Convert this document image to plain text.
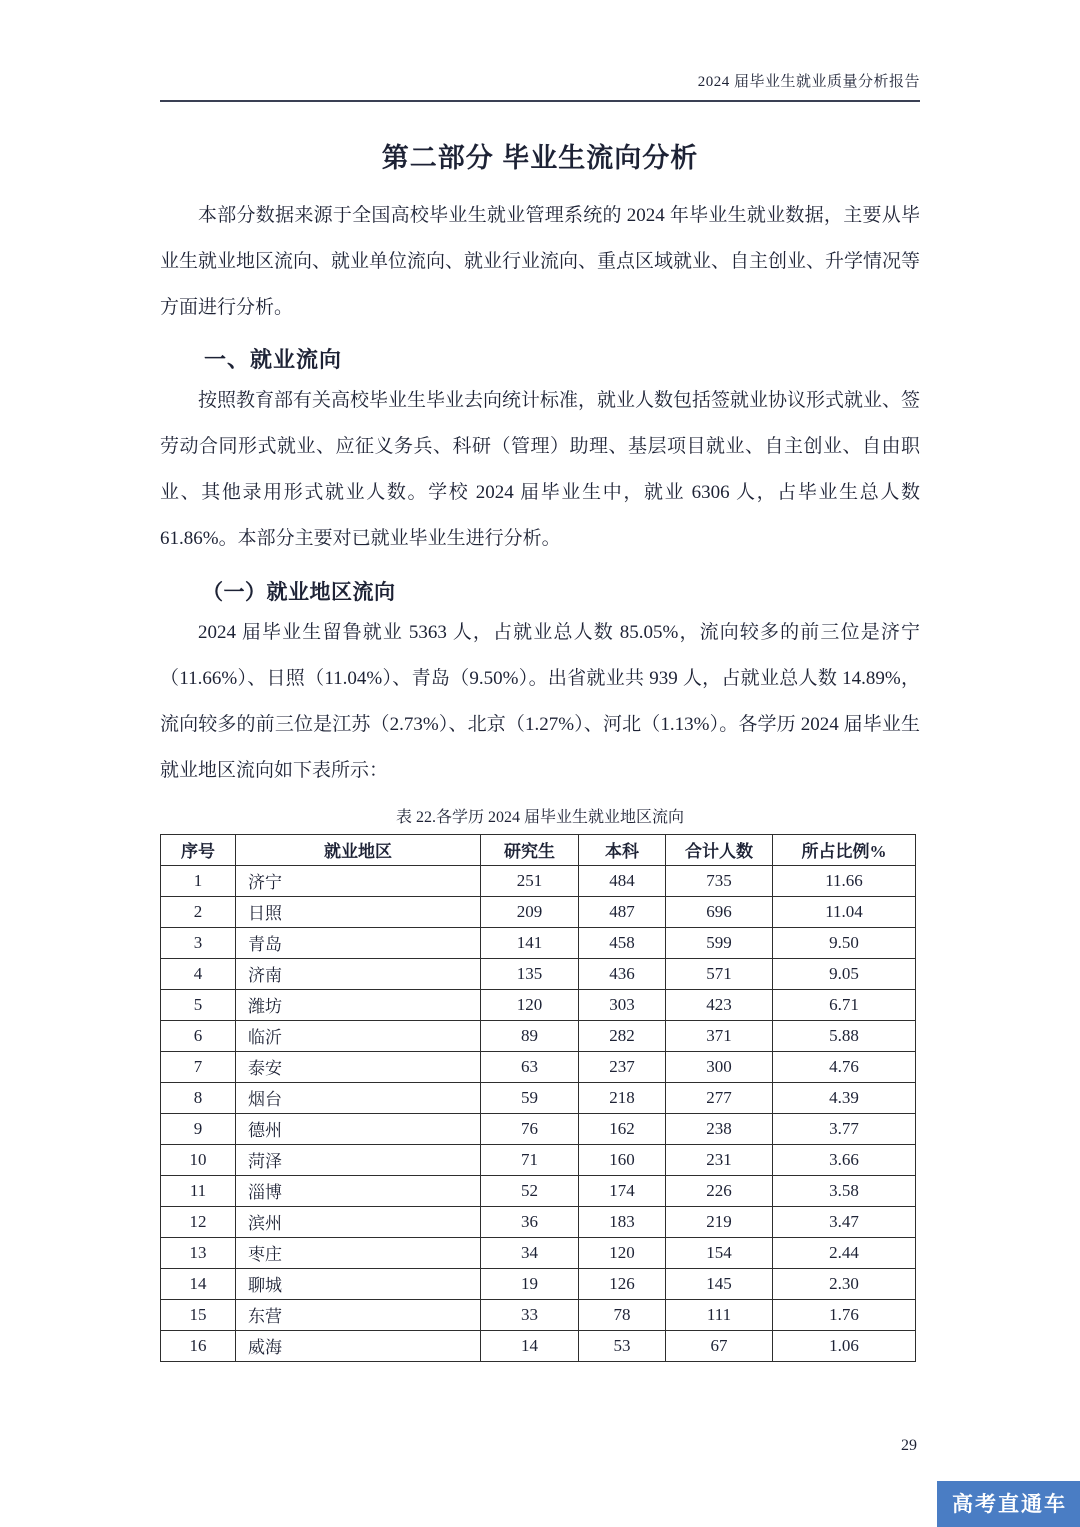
2024 届毕业生就业质量分析报告
第二部分 毕业生流向分析

本部分数据来源于全国高校毕业生就业管理系统的 2024 年毕业生就业数据，主要从毕业生就业地区流向、就业单位流向、就业行业流向、重点区域就业、自主创业、升学情况等方面进行分析。

一、就业流向

按照教育部有关高校毕业生毕业去向统计标准，就业人数包括签就业协议形式就业、签劳动合同形式就业、应征义务兵、科研（管理）助理、基层项目就业、自主创业、自由职业、其他录用形式就业人数。学校 2024 届毕业生中，就业 6306 人，占毕业生总人数 61.86%。本部分主要对已就业毕业生进行分析。

（一）就业地区流向

2024 届毕业生留鲁就业 5363 人，占就业总人数 85.05%，流向较多的前三位是济宁（11.66%）、日照（11.04%）、青岛（9.50%）。出省就业共 939 人，占就业总人数 14.89%，流向较多的前三位是江苏（2.73%）、北京（1.27%）、河北（1.13%）。各学历 2024 届毕业生就业地区流向如下表所示：

表 22.各学历 2024 届毕业生就业地区流向
序号	就业地区	研究生	本科	合计人数	所占比例%
1	济宁	251	484	735	11.66
2	日照	209	487	696	11.04
3	青岛	141	458	599	9.50
4	济南	135	436	571	9.05
5	潍坊	120	303	423	6.71
6	临沂	89	282	371	5.88
7	泰安	63	237	300	4.76
8	烟台	59	218	277	4.39
9	德州	76	162	238	3.77
10	菏泽	71	160	231	3.66
11	淄博	52	174	226	3.58
12	滨州	36	183	219	3.47
13	枣庄	34	120	154	2.44
14	聊城	19	126	145	2.30
15	东营	33	78	111	1.76
16	威海	14	53	67	1.06
29
高考直通车
